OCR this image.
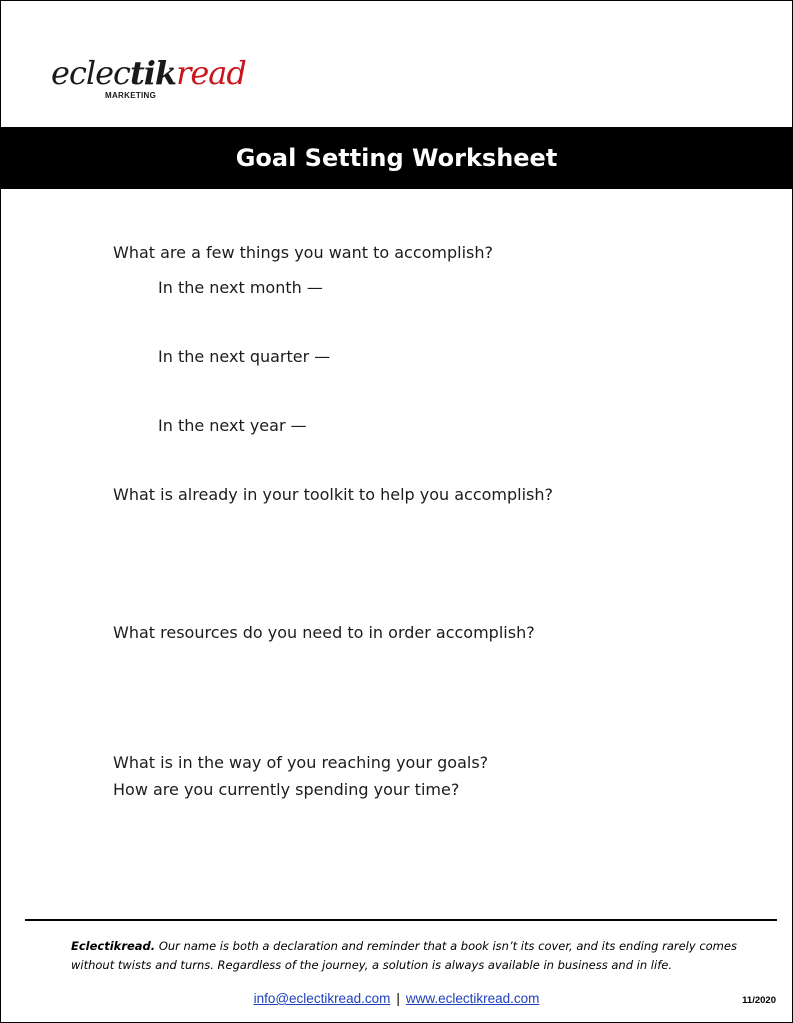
eclectikread
MARKETING
Goal Setting Worksheet
What are a few things you want to accomplish?
In the next month —
In the next quarter —
In the next year —
What is already in your toolkit to help you accomplish?
What resources do you need to in order accomplish?
What is in the way of you reaching your goals?
How are you currently spending your time?
Eclectikread. Our name is both a declaration and reminder that a book isn’t its cover, and its ending rarely comes without twists and turns. Regardless of the journey, a solution is always available in business and in life.
info@eclectikread.com | www.eclectikread.com	11/2020
